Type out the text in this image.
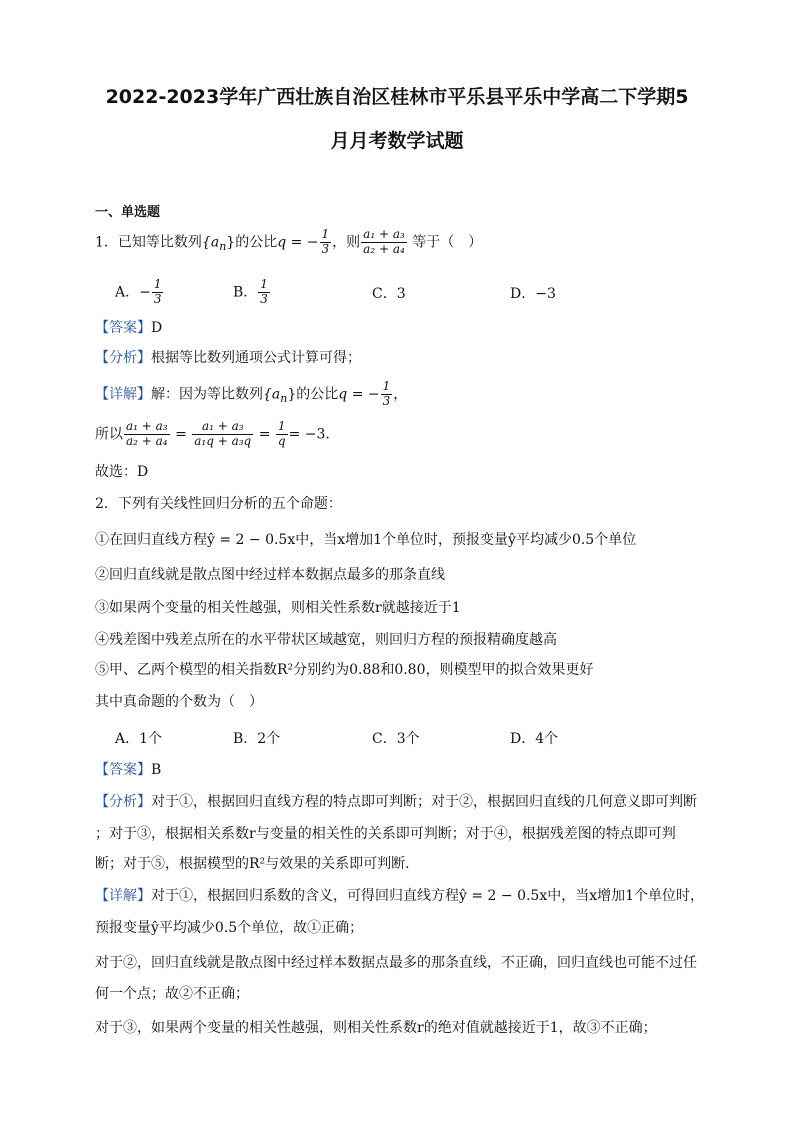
2022-2023学年广西壮族自治区桂林市平乐县平乐中学高二下学期5
月月考数学试题
一、单选题
1．已知等比数列$\{a_n\}$的公比q = − $\frac{1}{3}$ ，则 $\frac{\text{a₁ + a₃}}{\text{a₂ + a₄}}$ 等于（　）
A．− $\frac{1}{3}$	B． $\frac{1}{3}$	C．3	D．−3
【答案】D
【分析】根据等比数列通项公式计算可得；
【详解】解：因为等比数列$\{a_n\}$的公比q = − $\frac{1}{3}$ ，
所以 $\frac{\text{a₁ + a₃}}{\text{a₂ + a₄}} = \frac{\text{a₁ + a₃}}{\text{a₁q + a₃q}} = \frac{1}{q} = -3$．
故选：D
2．下列有关线性回归分析的五个命题：
①在回归直线方程ŷ = 2 − 0.5x中，当x增加1个单位时，预报变量ŷ平均减少0.5个单位
②回归直线就是散点图中经过样本数据点最多的那条直线
③如果两个变量的相关性越强，则相关性系数r就越接近于1
④残差图中残差点所在的水平带状区域越宽，则回归方程的预报精确度越高
⑤甲、乙两个模型的相关指数R²分别约为0.88和0.80，则模型甲的拟合效果更好
其中真命题的个数为（　）
A．1个	B．2个	C．3个	D．4个
【答案】B
【分析】对于①，根据回归直线方程的特点即可判断；对于②，根据回归直线的几何意义即可判断
；对于③，根据相关系数r与变量的相关性的关系即可判断；对于④，根据残差图的特点即可判
断；对于⑤，根据模型的R²与效果的关系即可判断.
【详解】对于①，根据回归系数的含义，可得回归直线方程ŷ = 2 − 0.5x中，当x增加1个单位时，
预报变量ŷ平均减少0.5个单位，故①正确；
对于②，回归直线就是散点图中经过样本数据点最多的那条直线，不正确，回归直线也可能不过任
何一个点；故②不正确；
对于③，如果两个变量的相关性越强，则相关性系数r的绝对值就越接近于1，故③不正确；
